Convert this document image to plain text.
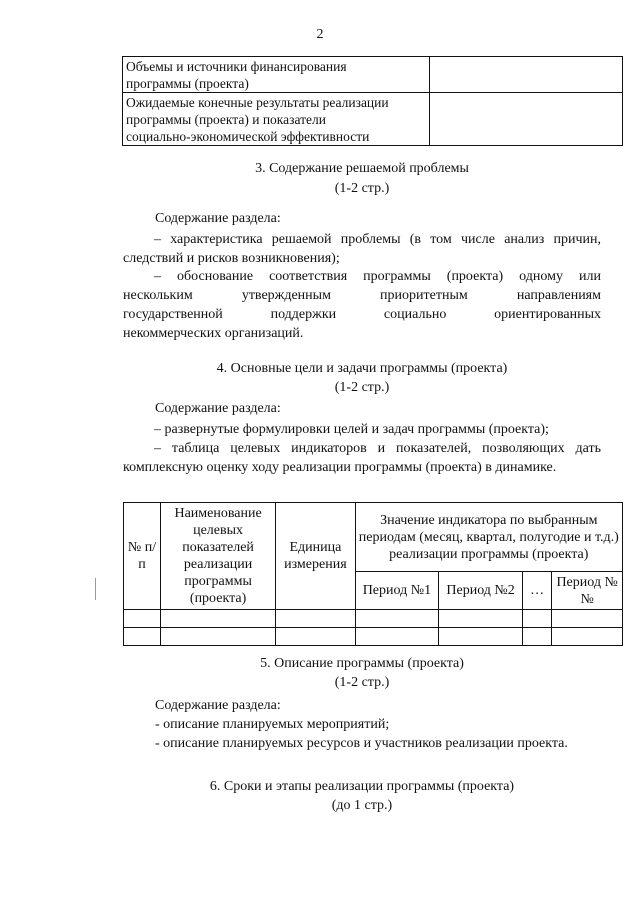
2
Объемы и источники финансирования
программы (проекта)	

Ожидаемые конечные результаты реализации
программы (проекта) и показатели
социально-экономической эффективности	

3. Содержание решаемой проблемы
(1-2 стр.)
Содержание раздела:
– характеристика решаемой проблемы (в том числе анализ причин, следствий и рисков возникновения);
– обоснование соответствия программы (проекта) одному или
нескольким	утвержденным	приоритетным	направлениям
государственной	поддержки	социально	ориентированных
некоммерческих организаций.
4. Основные цели и задачи программы (проекта)
(1-2 стр.)
Содержание раздела:
– развернутые формулировки целей и задач программы (проекта);
– таблица целевых индикаторов и показателей, позволяющих дать комплексную оценку ходу реализации программы (проекта) в динамике.
№ п/п	Наименование целевых показателей реализации программы (проекта)	Единица измерения	Значение индикатора по выбранным периодам (месяц, квартал, полугодие и т.д.) реализации программы (проекта)			
			Период №1	Период №2	…	Период № №

5. Описание программы (проекта)
(1-2 стр.)
Содержание раздела:
- описание планируемых мероприятий;
- описание планируемых ресурсов и участников реализации проекта.
6. Сроки и этапы реализации программы (проекта)
(до 1 стр.)
